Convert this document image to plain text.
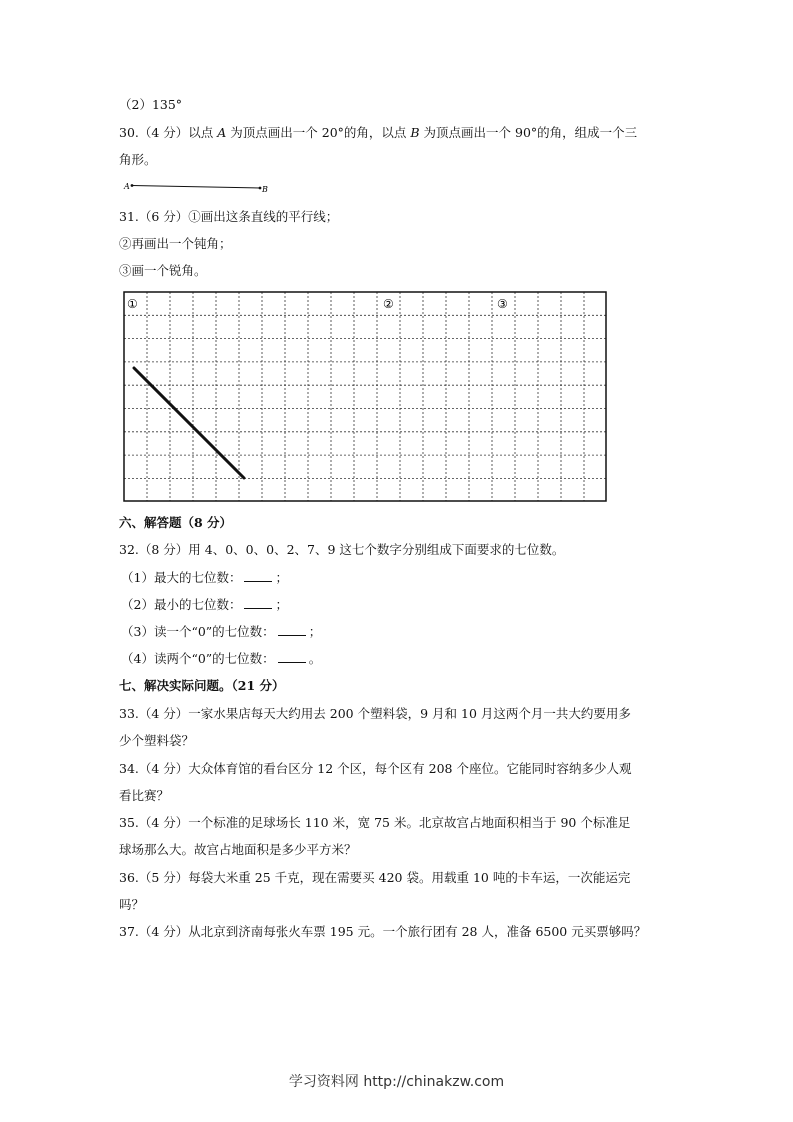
（2）135°
30.（4 分）以点 A 为顶点画出一个 20°的角，以点 B 为顶点画出一个 90°的角，组成一个三
角形。
A	B
31.（6 分）①画出这条直线的平行线；
②再画出一个钝角；
③画一个锐角。
①	②	③
六、解答题（8 分）
32.（8 分）用 4、0、0、0、2、7、9 这七个数字分别组成下面要求的七位数。
（1）最大的七位数：	；
（2）最小的七位数：	；
（3）读一个“0”的七位数：	；
（4）读两个“0”的七位数：	。
七、解决实际问题。（21 分）
33.（4 分）一家水果店每天大约用去 200 个塑料袋，9 月和 10 月这两个月一共大约要用多
少个塑料袋？
34.（4 分）大众体育馆的看台区分 12 个区，每个区有 208 个座位。它能同时容纳多少人观
看比赛？
35.（4 分）一个标准的足球场长 110 米，宽 75 米。北京故宫占地面积相当于 90 个标准足
球场那么大。故宫占地面积是多少平方米？
36.（5 分）每袋大米重 25 千克，现在需要买 420 袋。用载重 10 吨的卡车运，一次能运完
吗？
37.（4 分）从北京到济南每张火车票 195 元。一个旅行团有 28 人，准备 6500 元买票够吗？
学习资料网 http://chinakzw.com
